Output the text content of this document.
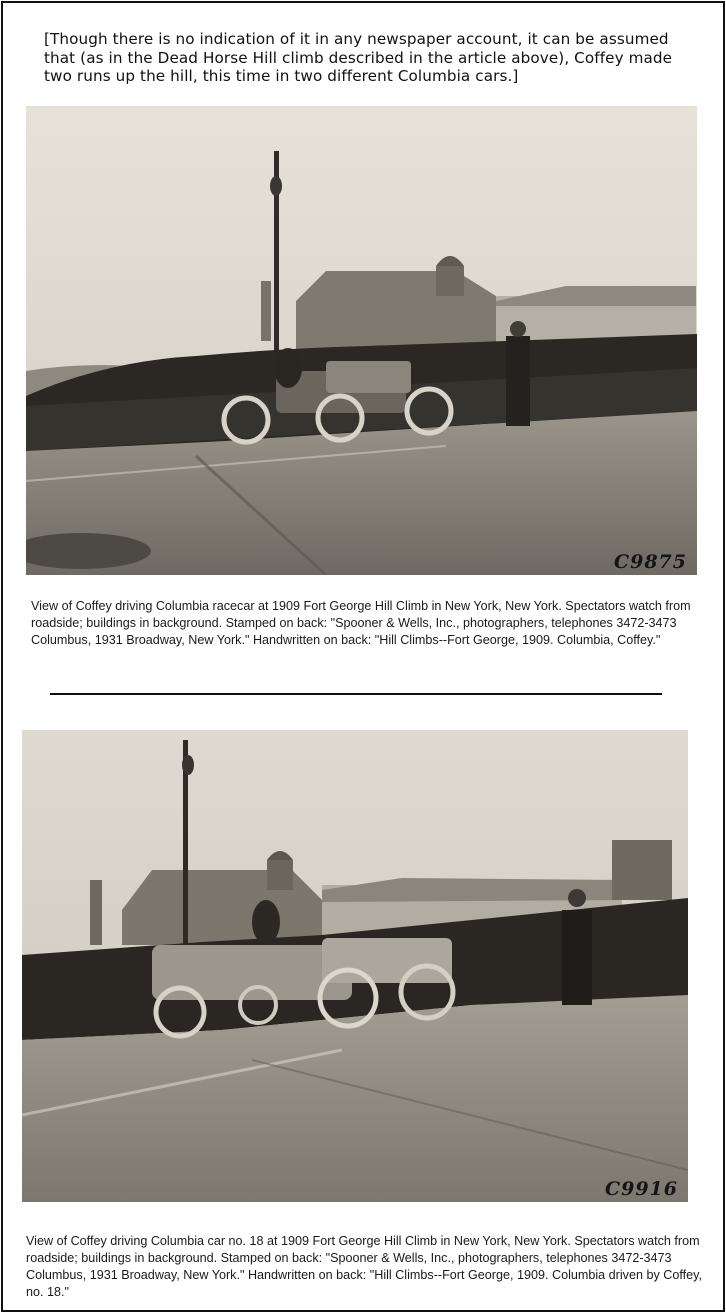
[Though there is no indication of it in any newspaper account, it can be assumed that (as in the Dead Horse Hill climb described in the article above), Coffey made two runs up the hill, this time in two different Columbia cars.]

C9875

View of Coffey driving Columbia racecar at 1909 Fort George Hill Climb in New York, New York. Spectators watch from roadside; buildings in background. Stamped on back: "Spooner & Wells, Inc., photographers, telephones 3472-3473 Columbus, 1931 Broadway, New York." Handwritten on back: "Hill Climbs--Fort George, 1909. Columbia, Coffey."

C9916

View of Coffey driving Columbia car no. 18 at 1909 Fort George Hill Climb in New York, New York. Spectators watch from roadside; buildings in background. Stamped on back: "Spooner & Wells, Inc., photographers, telephones 3472-3473 Columbus, 1931 Broadway, New York." Handwritten on back: "Hill Climbs--Fort George, 1909. Columbia driven by Coffey, no. 18."
